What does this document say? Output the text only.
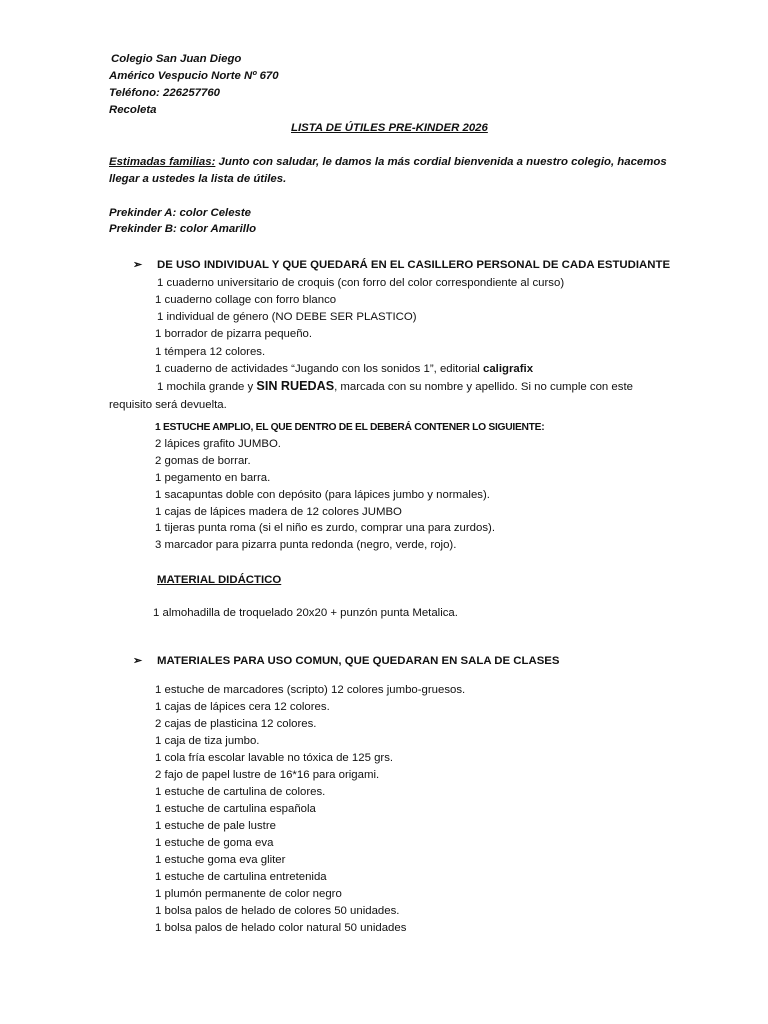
Colegio San Juan Diego
Américo Vespucio Norte Nº 670
Teléfono: 226257760
Recoleta
LISTA DE ÚTILES PRE-KINDER 2026
Estimadas familias: Junto con saludar, le damos la más cordial bienvenida a nuestro colegio, hacemos
llegar a ustedes la lista de útiles.
Prekinder A: color Celeste
Prekinder B: color Amarillo
➢ DE USO INDIVIDUAL Y QUE QUEDARÁ EN EL CASILLERO PERSONAL DE CADA ESTUDIANTE
1 cuaderno universitario de croquis (con forro del color correspondiente al curso)
1 cuaderno collage con forro blanco
1 individual de género (NO DEBE SER PLASTICO)
1 borrador de pizarra pequeño.
1 témpera 12 colores.
1 cuaderno de actividades “Jugando con los sonidos 1”, editorial caligrafix
1 mochila grande y SIN RUEDAS, marcada con su nombre y apellido. Si no cumple con este
requisito será devuelta.
1 ESTUCHE AMPLIO, EL QUE DENTRO DE EL DEBERÁ CONTENER LO SIGUIENTE:
2 lápices grafito JUMBO.
2 gomas de borrar.
1 pegamento en barra.
1 sacapuntas doble con depósito (para lápices jumbo y normales).
1 cajas de lápices madera de 12 colores JUMBO
1 tijeras punta roma (si el niño es zurdo, comprar una para zurdos).
3 marcador para pizarra punta redonda (negro, verde, rojo).
MATERIAL DIDÁCTICO
1 almohadilla de troquelado 20x20 + punzón punta Metalica.
➢ MATERIALES PARA USO COMUN, QUE QUEDARAN EN SALA DE CLASES
1 estuche de marcadores (scripto) 12 colores jumbo-gruesos.
1 cajas de lápices cera 12 colores.
2 cajas de plasticina 12 colores.
1 caja de tiza jumbo.
1 cola fría escolar lavable no tóxica de 125 grs.
2 fajo de papel lustre de 16*16 para origami.
1 estuche de cartulina de colores.
1 estuche de cartulina española
1 estuche de pale lustre
1 estuche de goma eva
1 estuche goma eva gliter
1 estuche de cartulina entretenida
1 plumón permanente de color negro
1 bolsa palos de helado de colores 50 unidades.
1 bolsa palos de helado color natural 50 unidades
